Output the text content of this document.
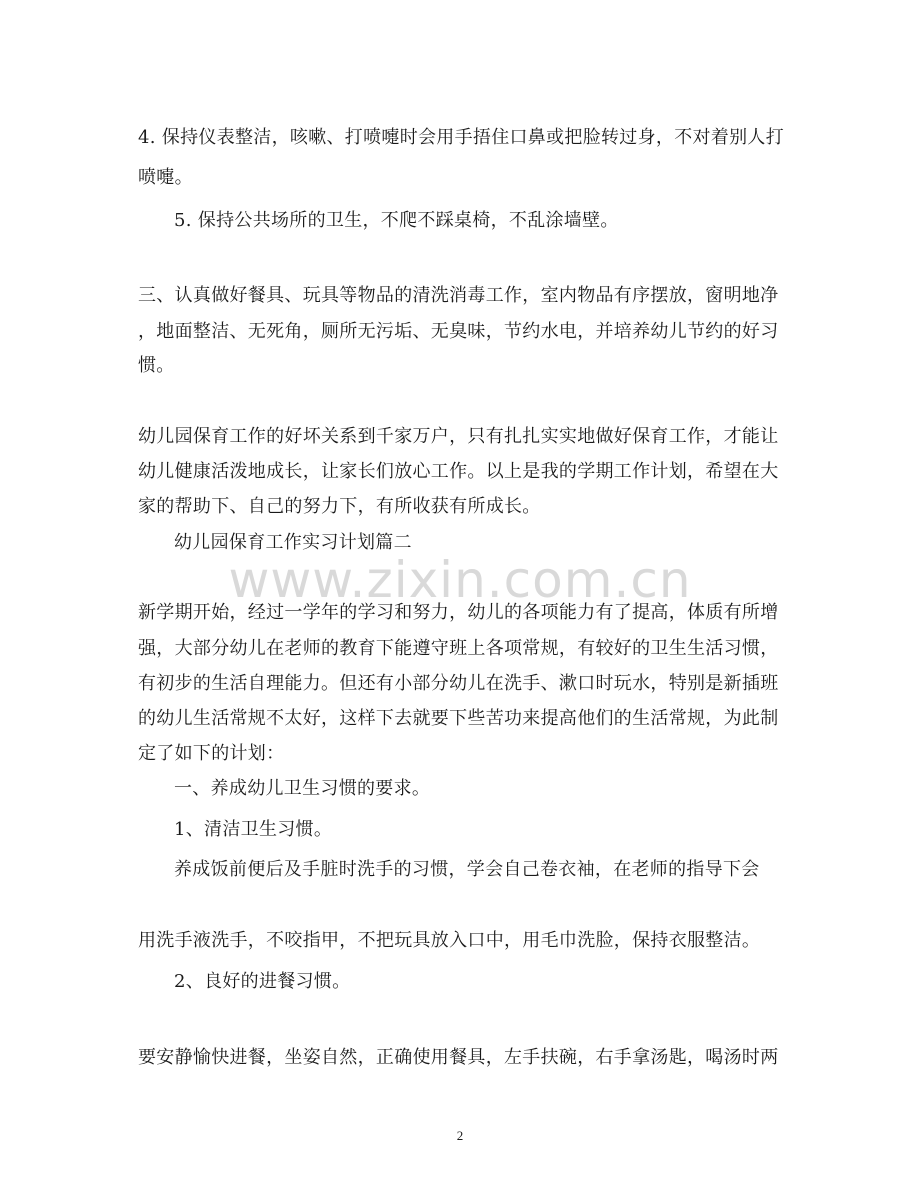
www.zixin.com.cn
4. 保持仪表整洁，咳嗽、打喷嚏时会用手捂住口鼻或把脸转过身，不对着别人打
喷嚏。
5. 保持公共场所的卫生，不爬不踩桌椅，不乱涂墙壁。
三、认真做好餐具、玩具等物品的清洗消毒工作，室内物品有序摆放，窗明地净
，地面整洁、无死角，厕所无污垢、无臭味，节约水电，并培养幼儿节约的好习
惯。
幼儿园保育工作的好坏关系到千家万户，只有扎扎实实地做好保育工作，才能让
幼儿健康活泼地成长，让家长们放心工作。以上是我的学期工作计划，希望在大
家的帮助下、自己的努力下，有所收获有所成长。
幼儿园保育工作实习计划篇二
新学期开始，经过一学年的学习和努力，幼儿的各项能力有了提高，体质有所增
强，大部分幼儿在老师的教育下能遵守班上各项常规，有较好的卫生生活习惯，
有初步的生活自理能力。但还有小部分幼儿在洗手、漱口时玩水，特别是新插班
的幼儿生活常规不太好，这样下去就要下些苦功来提高他们的生活常规，为此制
定了如下的计划：
一、养成幼儿卫生习惯的要求。
1、清洁卫生习惯。
养成饭前便后及手脏时洗手的习惯，学会自己卷衣袖，在老师的指导下会
用洗手液洗手，不咬指甲，不把玩具放入口中，用毛巾洗脸，保持衣服整洁。
2、良好的进餐习惯。
要安静愉快进餐，坐姿自然，正确使用餐具，左手扶碗，右手拿汤匙，喝汤时两
2
